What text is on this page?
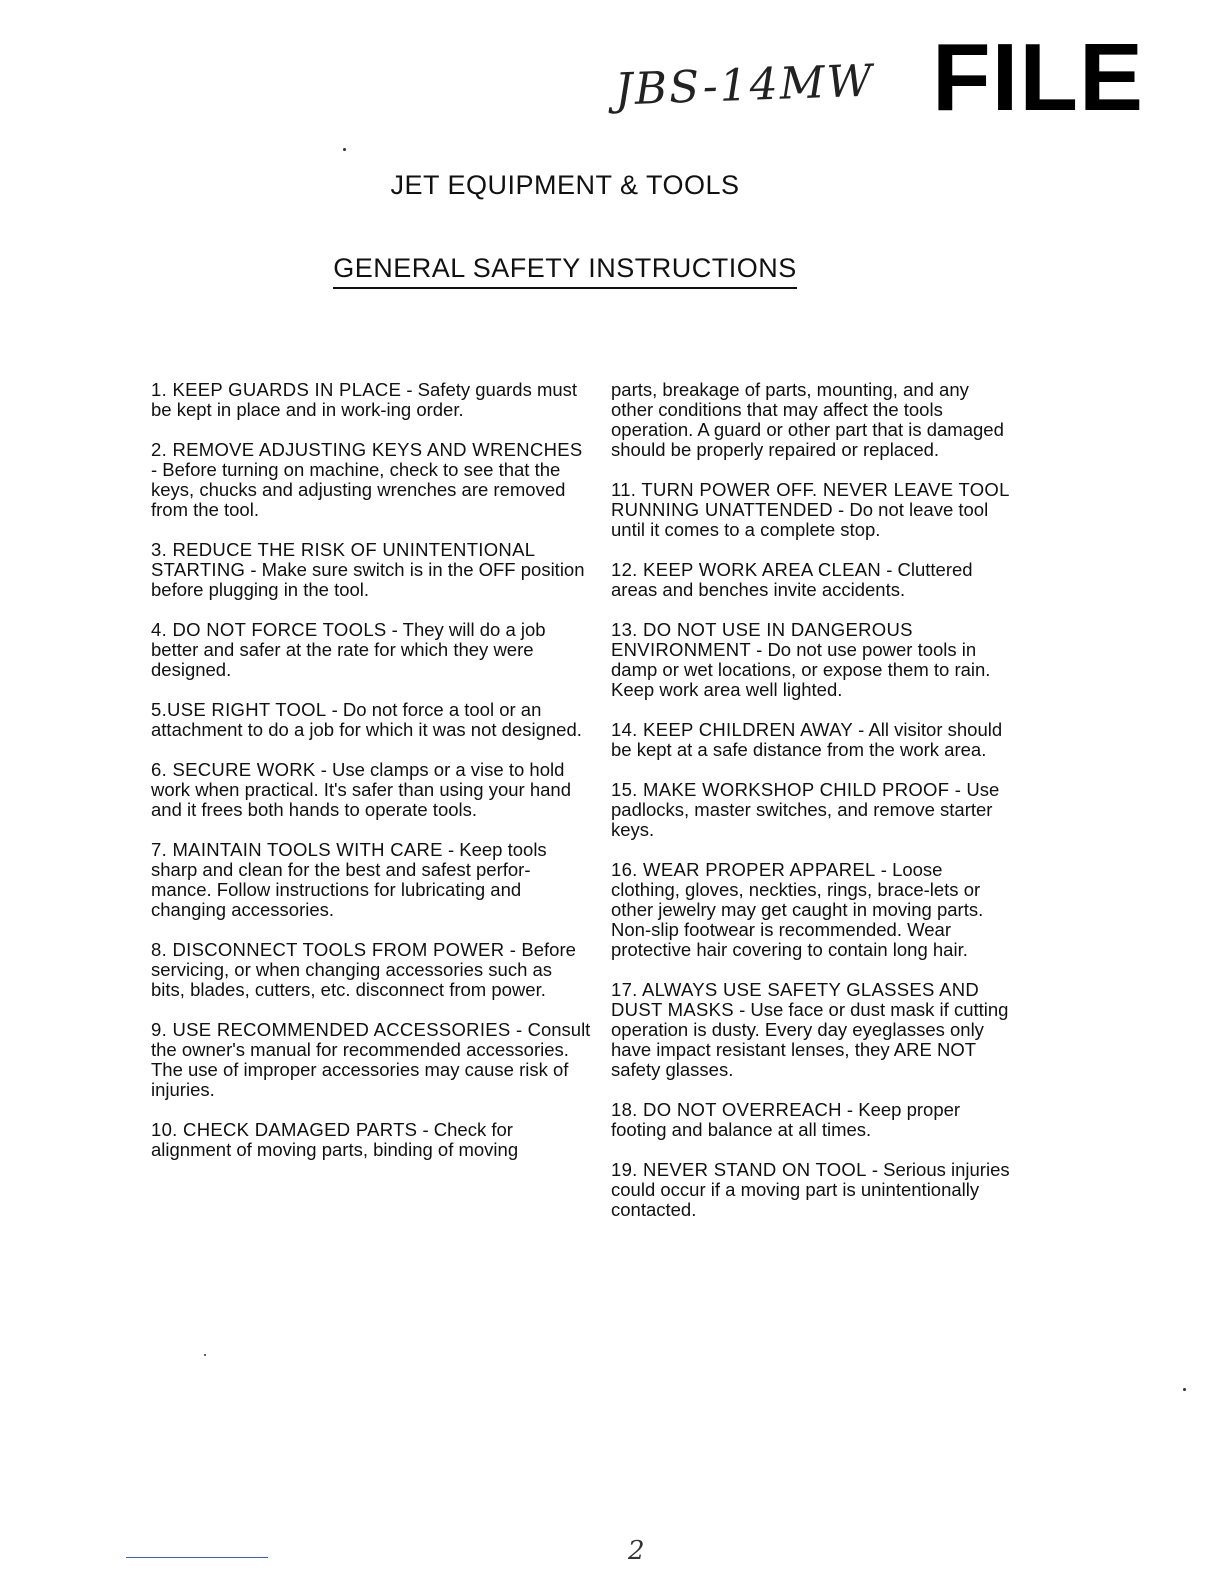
JBS-14MW FILE
JET EQUIPMENT & TOOLS
GENERAL SAFETY INSTRUCTIONS
1. KEEP GUARDS IN PLACE - Safety guards must be kept in place and in work-ing order.
2. REMOVE ADJUSTING KEYS AND WRENCHES - Before turning on machine, check to see that the keys, chucks and adjusting wrenches are removed from the tool.
3. REDUCE THE RISK OF UNINTENTIONAL STARTING - Make sure switch is in the OFF position before plugging in the tool.
4. DO NOT FORCE TOOLS - They will do a job better and safer at the rate for which they were designed.
5.USE RIGHT TOOL - Do not force a tool or an attachment to do a job for which it was not designed.
6. SECURE WORK - Use clamps or a vise to hold work when practical. It's safer than using your hand and it frees both hands to operate tools.
7. MAINTAIN TOOLS WITH CARE - Keep tools sharp and clean for the best and safest perfor-mance. Follow instructions for lubricating and changing accessories.
8. DISCONNECT TOOLS FROM POWER - Before servicing, or when changing accessories such as bits, blades, cutters, etc. disconnect from power.
9. USE RECOMMENDED ACCESSORIES - Consult the owner's manual for recommended accessories. The use of improper accessories may cause risk of injuries.
10. CHECK DAMAGED PARTS - Check for alignment of moving parts, binding of moving
parts, breakage of parts, mounting, and any other conditions that may affect the tools operation. A guard or other part that is damaged should be properly repaired or replaced.
11. TURN POWER OFF. NEVER LEAVE TOOL RUNNING UNATTENDED - Do not leave tool until it comes to a complete stop.
12. KEEP WORK AREA CLEAN - Cluttered areas and benches invite accidents.
13. DO NOT USE IN DANGEROUS ENVIRONMENT - Do not use power tools in damp or wet locations, or expose them to rain. Keep work area well lighted.
14. KEEP CHILDREN AWAY - All visitor should be kept at a safe distance from the work area.
15. MAKE WORKSHOP CHILD PROOF - Use padlocks, master switches, and remove starter keys.
16. WEAR PROPER APPAREL - Loose clothing, gloves, neckties, rings, brace-lets or other jewelry may get caught in moving parts. Non-slip footwear is recommended. Wear protective hair covering to contain long hair.
17. ALWAYS USE SAFETY GLASSES AND DUST MASKS - Use face or dust mask if cutting operation is dusty. Every day eyeglasses only have impact resistant lenses, they ARE NOT safety glasses.
18. DO NOT OVERREACH - Keep proper footing and balance at all times.
19. NEVER STAND ON TOOL - Serious injuries could occur if a moving part is unintentionally contacted.
2
